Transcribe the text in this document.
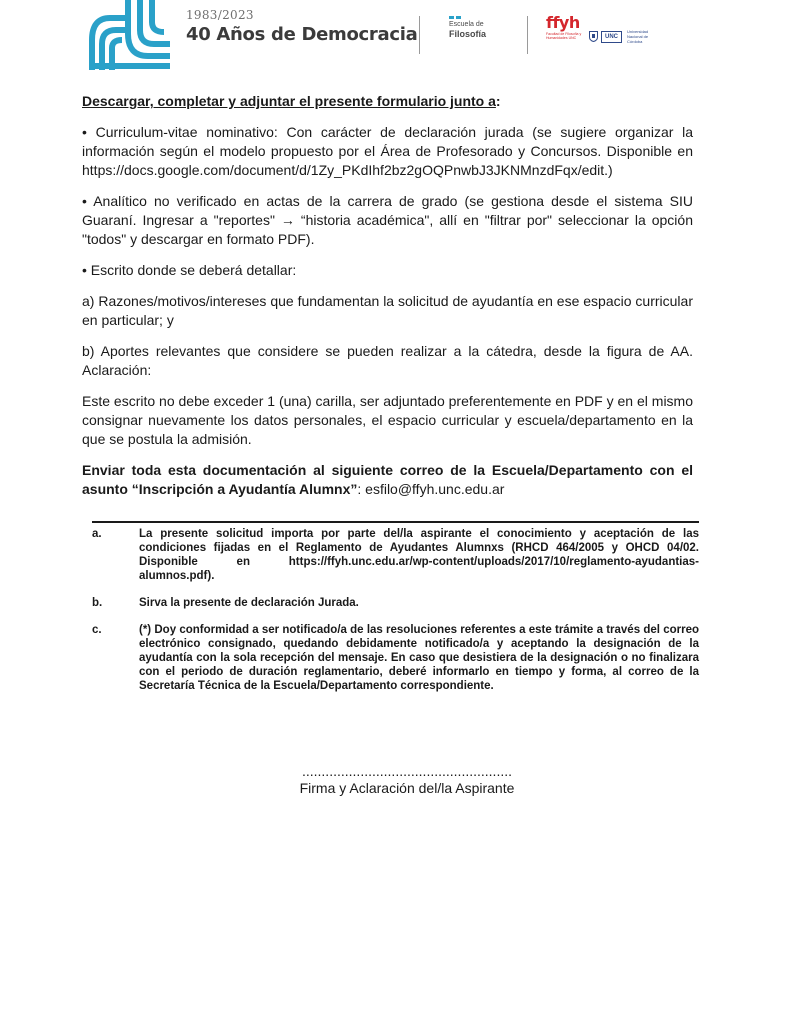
1983/2023
40 Años de Democracia	Escuela de
Filosofía
ffyh
Facultad de Filosofía y Humanidades UNC	UNC
Universidad Nacional de Córdoba

Descargar, completar y adjuntar el presente formulario junto a:

• Curriculum-vitae nominativo: Con carácter de declaración jurada (se sugiere organizar la información según el modelo propuesto por el Área de Profesorado y Concursos. Disponible en https://docs.google.com/document/d/1Zy_PKdIhf2bz2gOQPnwbJ3JKNMnzdFqx/edit.)

• Analítico no verificado en actas de la carrera de grado (se gestiona desde el sistema SIU Guaraní. Ingresar a "reportes" → “historia académica", allí en "filtrar por" seleccionar la opción "todos" y descargar en formato PDF).

• Escrito donde se deberá detallar:

a) Razones/motivos/intereses que fundamentan la solicitud de ayudantía en ese espacio curricular en particular; y

b) Aportes relevantes que considere se pueden realizar a la cátedra, desde la figura de AA. Aclaración:

Este escrito no debe exceder 1 (una) carilla, ser adjuntado preferentemente en PDF y en el mismo consignar nuevamente los datos personales, el espacio curricular y escuela/departamento en la que se postula la admisión.

Enviar toda esta documentación al siguiente correo de la Escuela/Departamento con el asunto “Inscripción a Ayudantía Alumnx”: esfilo@ffyh.unc.edu.ar

a.	La presente solicitud importa por parte del/la aspirante el conocimiento y aceptación de las condiciones fijadas en el Reglamento de Ayudantes Alumnxs (RHCD 464/2005 y OHCD 04/02. Disponible en https://ffyh.unc.edu.ar/wp-content/uploads/2017/10/reglamento-ayudantias-alumnos.pdf).
b.	Sirva la presente de declaración Jurada.
c.	(*) Doy conformidad a ser notificado/a de las resoluciones referentes a este trámite a través del correo electrónico consignado, quedando debidamente notificado/a y aceptando la designación de la ayudantía con la sola recepción del mensaje. En caso que desistiera de la designación o no finalizara con el periodo de duración reglamentario, deberé informarlo en tiempo y forma, al correo de la Secretaría Técnica de la Escuela/Departamento correspondiente.
......................................................
Firma y Aclaración del/la Aspirante
